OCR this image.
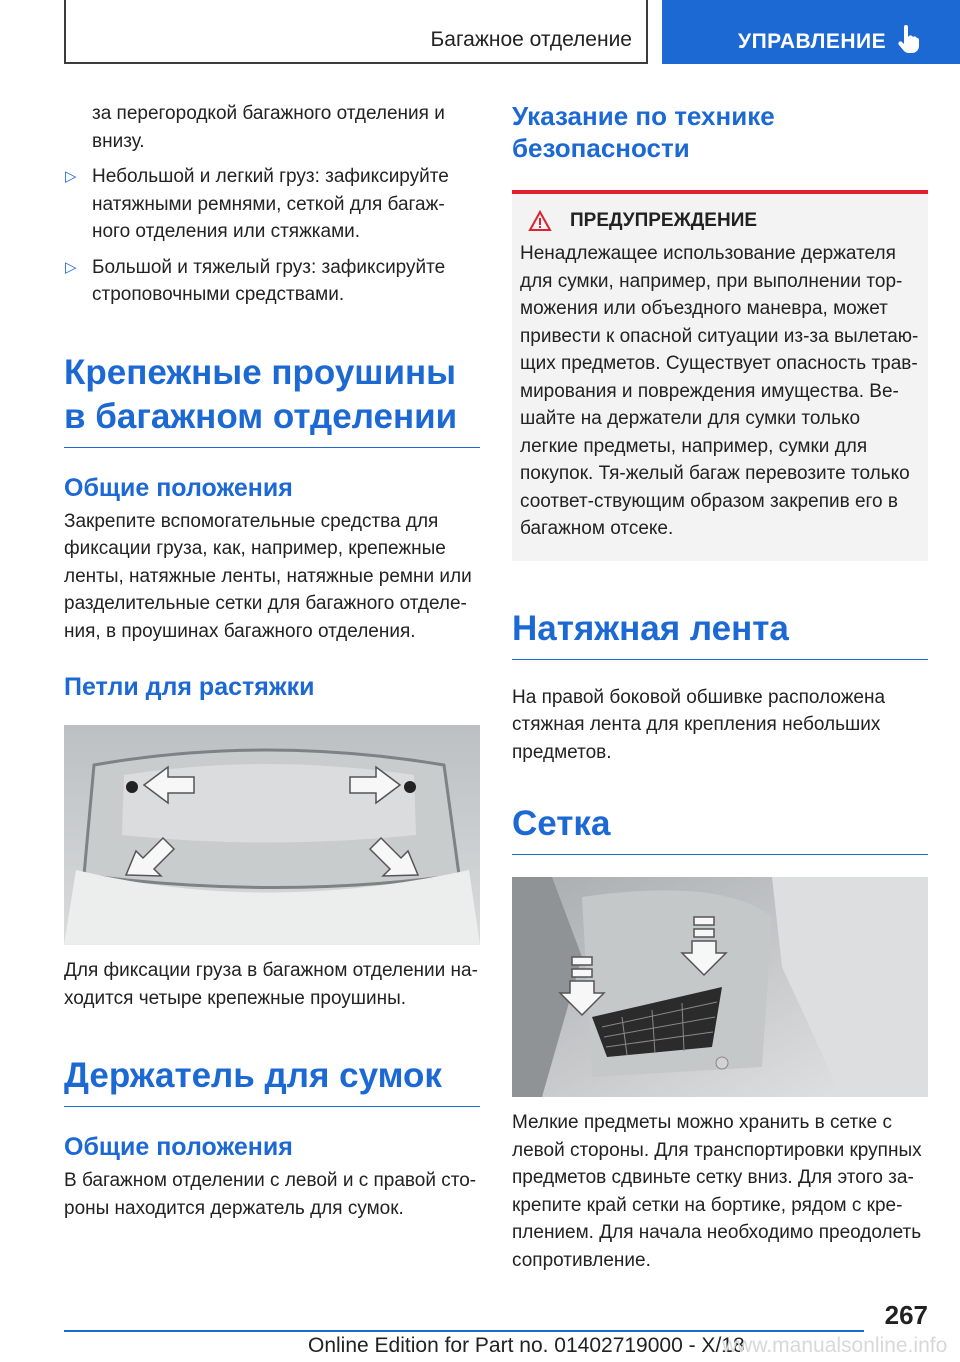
Багажное отделение	УПРАВЛЕНИЕ

за перегородкой багажного отделения и внизу.

▷ Небольшой и легкий груз: зафиксируйте натяжными ремнями, сеткой для багаж-ного отделения или стяжками.
▷ Большой и тяжелый груз: зафиксируйте строповочными средствами.
Крепежные проушины в багажном отделении
Общие положения

Закрепите вспомогательные средства для фиксации груза, как, например, крепежные ленты, натяжные ленты, натяжные ремни или разделительные сетки для багажного отделе-ния, в проушинах багажного отделения.

Петли для растяжки

Для фиксации груза в багажном отделении на-ходится четыре крепежные проушины.

Держатель для сумок
Общие положения

В багажном отделении с левой и с правой сто-роны находится держатель для сумок.

Указание по технике безопасности
ПРЕДУПРЕЖДЕНИЕ

Ненадлежащее использование держателя для сумки, например, при выполнении тор-можения или объездного маневра, может привести к опасной ситуации из-за вылетаю-щих предметов. Существует опасность трав-мирования и повреждения имущества. Ве-шайте на держатели для сумки только легкие предметы, например, сумки для покупок. Тя-желый багаж перевозите только соответ-ствующим образом закрепив его в багажном отсеке.

Натяжная лента

На правой боковой обшивке расположена стяжная лента для крепления небольших предметов.

Сетка

Мелкие предметы можно хранить в сетке с левой стороны. Для транспортировки крупных предметов сдвиньте сетку вниз. Для этого за-крепите край сетки на бортике, рядом с кре-плением. Для начала необходимо преодолеть сопротивление.

267
Online Edition for Part no. 01402719000 - X/18
www.manualsonline.info
